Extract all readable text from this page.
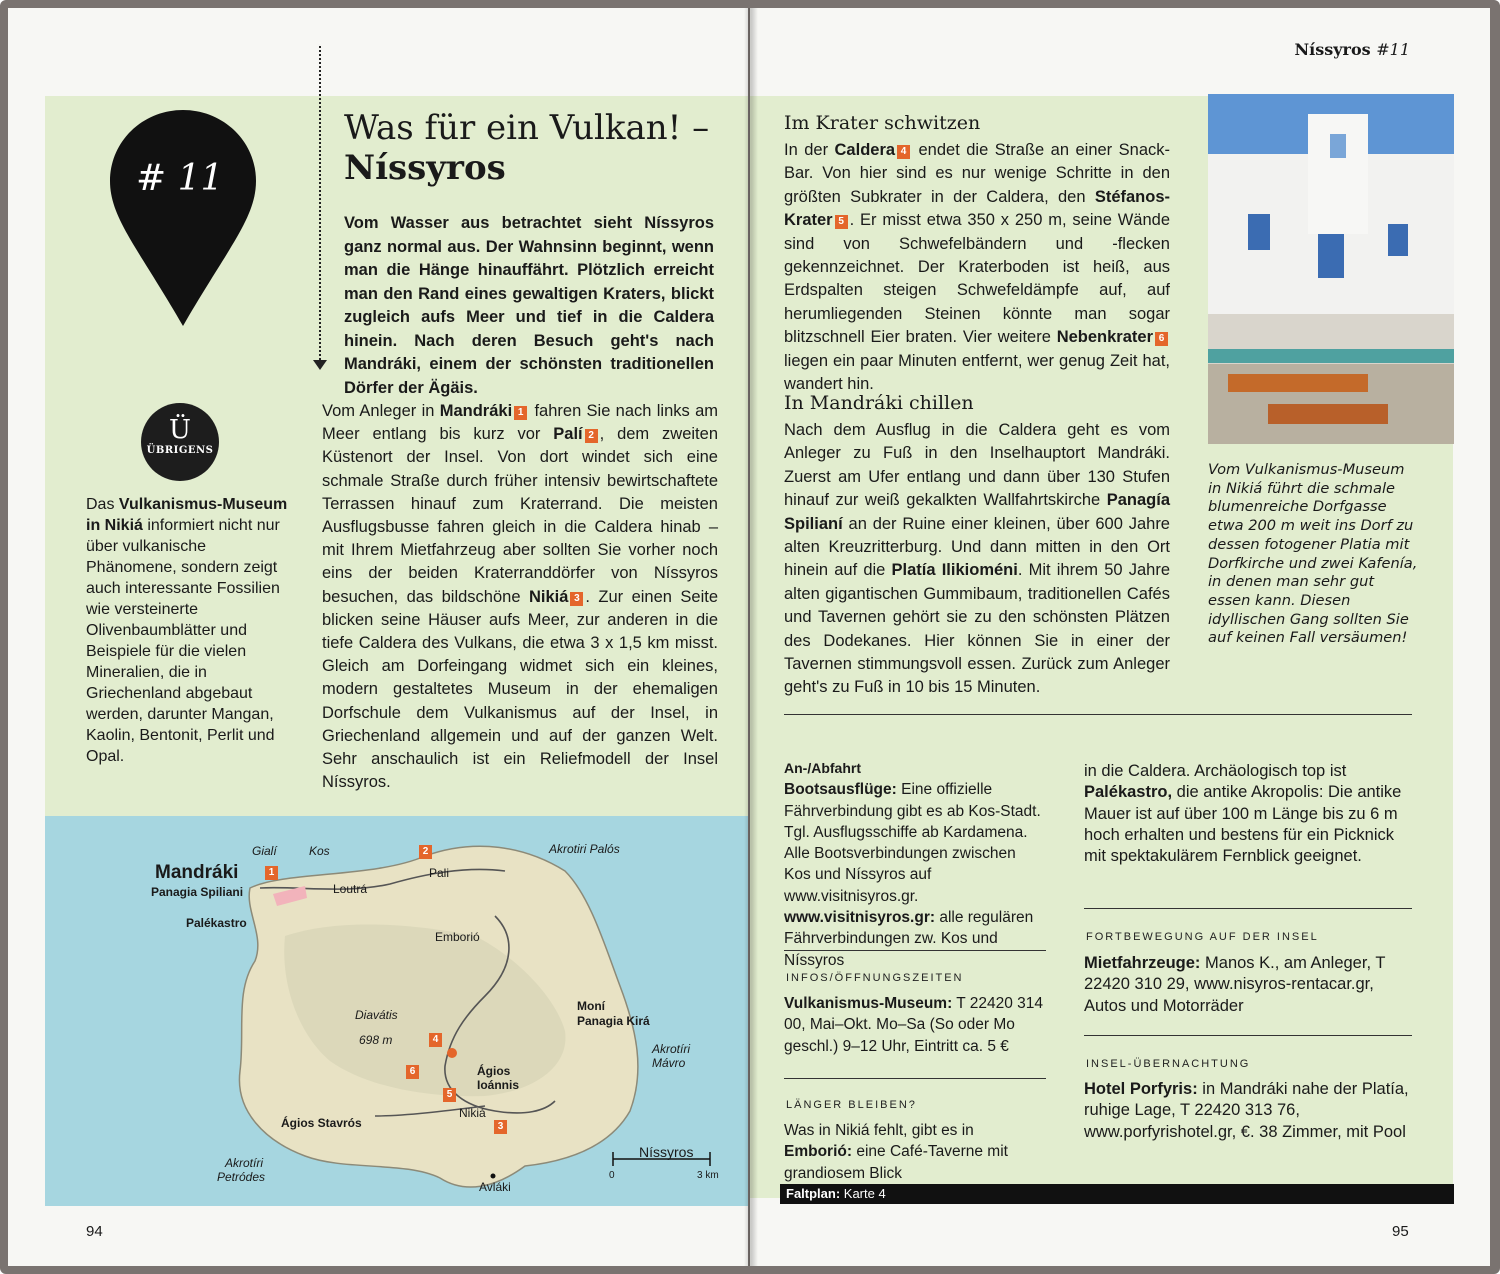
# 11
Was für ein Vulkan! –
Níssyros
Vom Wasser aus betrachtet sieht Níssyros ganz normal aus. Der Wahnsinn beginnt, wenn man die Hänge hinauffährt. Plötzlich erreicht man den Rand eines gewaltigen Kraters, blickt zugleich aufs Meer und tief in die Caldera hinein. Nach deren Besuch geht's nach Mandráki, einem der schönsten traditionellen Dörfer der Ägäis.
Ü
ÜBRIGENS
Das Vulkanismus-Museum in Nikiá informiert nicht nur über vulkanische Phänomene, sondern zeigt auch interessante Fossilien wie versteinerte Olivenbaumblätter und Beispiele für die vielen Mineralien, die in Griechenland abgebaut werden, darunter Mangan, Kaolin, Bentonit, Perlit und Opal.
Vom Anleger in Mandráki 1 fahren Sie nach links am Meer entlang bis kurz vor Palí 2 , dem zweiten Küstenort der Insel. Von dort windet sich eine schmale Straße durch früher intensiv bewirtschaftete Terrassen hinauf zum Kraterrand. Die meisten Ausflugsbusse fahren gleich in die Caldera hinab – mit Ihrem Mietfahrzeug aber sollten Sie vorher noch eins der beiden Kraterranddörfer von Níssyros besuchen, das bildschöne Nikiá 3 . Zur einen Seite blicken seine Häuser aufs Meer, zur anderen in die tiefe Caldera des Vulkans, die etwa 3 x 1,5 km misst. Gleich am Dorfeingang widmet sich ein kleines, modern gestaltetes Museum in der ehemaligen Dorfschule dem Vulkanismus auf der Insel, in Griechenland allgemein und auf der ganzen Welt. Sehr anschaulich ist ein Reliefmodell der Insel Níssyros.
Gialí	Kos
Mandráki	1
Panagia Spiliani
Palékastro
Loutrá
2
Pali
Akrotiri Palós
Emborió
Diavátis
698 m
Moní
Panagia Kirá
Akrotíri
Mávro
4
6
5
Ágios
Ioánnis
Nikiá
3
Ágios Stavrós
Akrotíri
Petródes
Avláki
Níssyros
0	3 km
94
Níssyros #11
Im Krater schwitzen
In der Caldera 4 endet die Straße an einer Snack-Bar. Von hier sind es nur wenige Schritte in den größten Subkrater in der Caldera, den Stéfanos-Krater 5 . Er misst etwa 350 x 250 m, seine Wände sind von Schwefelbändern und -flecken gekennzeichnet. Der Kraterboden ist heiß, aus Erdspalten steigen Schwefeldämpfe auf, auf herumliegenden Steinen könnte man sogar blitzschnell Eier braten. Vier weitere Nebenkrater 6 liegen ein paar Minuten entfernt, wer genug Zeit hat, wandert hin.
In Mandráki chillen
Nach dem Ausflug in die Caldera geht es vom Anleger zu Fuß in den Inselhauptort Mandráki. Zuerst am Ufer entlang und dann über 130 Stufen hinauf zur weiß gekalkten Wallfahrtskirche Panagía Spilianí an der Ruine einer kleinen, über 600 Jahre alten Kreuzritterburg. Und dann mitten in den Ort hinein auf die Platía Ilikioméni. Mit ihrem 50 Jahre alten gigantischen Gummibaum, traditionellen Cafés und Tavernen gehört sie zu den schönsten Plätzen des Dodekanes. Hier können Sie in einer der Tavernen stimmungsvoll essen. Zurück zum Anleger geht's zu Fuß in 10 bis 15 Minuten.
Vom Vulkanismus-Museum in Nikiá führt die schmale blumenreiche Dorfgasse etwa 200 m weit ins Dorf zu dessen fotogener Platia mit Dorfkirche und zwei Kafenía, in denen man sehr gut essen kann. Diesen idyllischen Gang sollten Sie auf keinen Fall versäumen!
An-/Abfahrt
Bootsausflüge: Eine offizielle Fährverbindung gibt es ab Kos-Stadt. Tgl. Ausflugsschiffe ab Kardamena. Alle Bootsverbindungen zwischen Kos und Níssyros auf www.visitnisyros.gr.
www.visitnisyros.gr: alle regulären Fährverbindungen zw. Kos und Níssyros
INFOS/ÖFFNUNGSZEITEN
Vulkanismus-Museum: T 22420 314 00, Mai–Okt. Mo–Sa (So oder Mo geschl.) 9–12 Uhr, Eintritt ca. 5 €
LÄNGER BLEIBEN?
Was in Nikiá fehlt, gibt es in Emborió: eine Café-Taverne mit grandiosem Blick
in die Caldera. Archäologisch top ist Palékastro, die antike Akropolis: Die antike Mauer ist auf über 100 m Länge bis zu 6 m hoch erhalten und bestens für ein Picknick mit spektakulärem Fernblick geeignet.
FORTBEWEGUNG AUF DER INSEL
Mietfahrzeuge: Manos K., am Anleger, T 22420 310 29, www.nisyros-rentacar.gr, Autos und Motorräder
INSEL-ÜBERNACHTUNG
Hotel Porfyris: in Mandráki nahe der Platía, ruhige Lage, T 22420 313 76, www.porfyrishotel.gr, €. 38 Zimmer, mit Pool
Faltplan: Karte 4
95
